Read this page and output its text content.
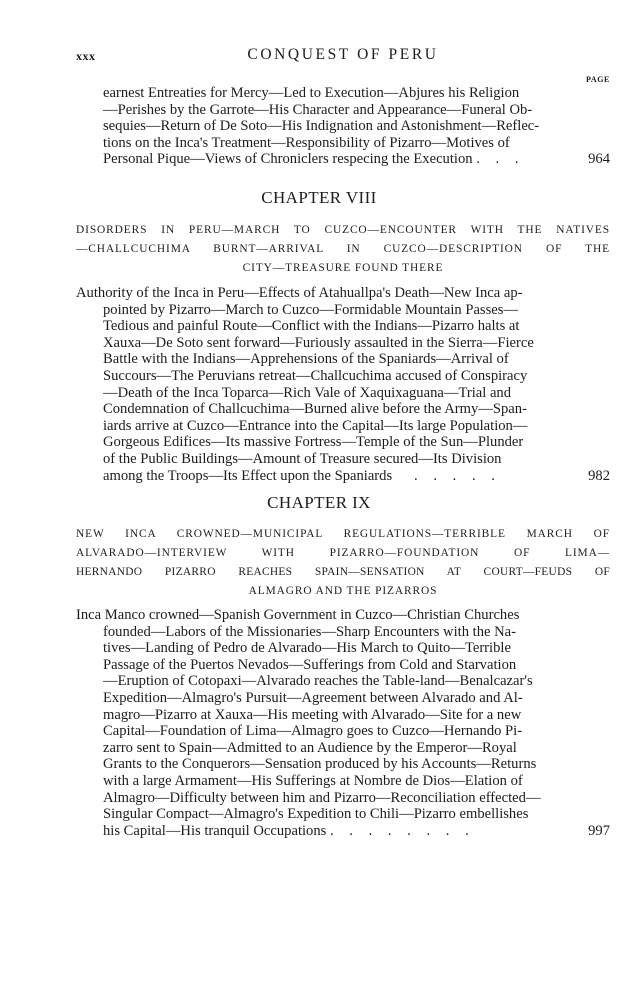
xxx	CONQUEST OF PERU
PAGE
earnest Entreaties for Mercy—Led to Execution—Abjures his Religion
—Perishes by the Garrote—His Character and Appearance—Funeral Ob-
sequies—Return of De Soto—His Indignation and Astonishment—Reflec-
tions on the Inca's Treatment—Responsibility of Pizarro—Motives of
Personal Pique—Views of Chroniclers respecing the Execution . . .	964
CHAPTER VIII
DISORDERS IN PERU—MARCH TO CUZCO—ENCOUNTER WITH THE NATIVES
—CHALLCUCHIMA BURNT—ARRIVAL IN CUZCO—DESCRIPTION OF THE
CITY—TREASURE FOUND THERE
Authority of the Inca in Peru—Effects of Atahuallpa's Death—New Inca ap-
pointed by Pizarro—March to Cuzco—Formidable Mountain Passes—
Tedious and painful Route—Conflict with the Indians—Pizarro halts at
Xauxa—De Soto sent forward—Furiously assaulted in the Sierra—Fierce
Battle with the Indians—Apprehensions of the Spaniards—Arrival of
Succours—The Peruvians retreat—Challcuchima accused of Conspiracy
—Death of the Inca Toparca—Rich Vale of Xaquixaguana—Trial and
Condemnation of Challcuchima—Burned alive before the Army—Span-
iards arrive at Cuzco—Entrance into the Capital—Its large Population—
Gorgeous Edifices—Its massive Fortress—Temple of the Sun—Plunder
of the Public Buildings—Amount of Treasure secured—Its Division
among the Troops—Its Effect upon the Spaniards . . . . .	982
CHAPTER IX
NEW INCA CROWNED—MUNICIPAL REGULATIONS—TERRIBLE MARCH OF
ALVARADO—INTERVIEW WITH PIZARRO—FOUNDATION OF LIMA—
HERNANDO PIZARRO REACHES SPAIN—SENSATION AT COURT—FEUDS OF
ALMAGRO AND THE PIZARROS
Inca Manco crowned—Spanish Government in Cuzco—Christian Churches
founded—Labors of the Missionaries—Sharp Encounters with the Na-
tives—Landing of Pedro de Alvarado—His March to Quito—Terrible
Passage of the Puertos Nevados—Sufferings from Cold and Starvation
—Eruption of Cotopaxi—Alvarado reaches the Table-land—Benalcazar's
Expedition—Almagro's Pursuit—Agreement between Alvarado and Al-
magro—Pizarro at Xauxa—His meeting with Alvarado—Site for a new
Capital—Foundation of Lima—Almagro goes to Cuzco—Hernando Pi-
zarro sent to Spain—Admitted to an Audience by the Emperor—Royal
Grants to the Conquerors—Sensation produced by his Accounts—Returns
with a large Armament—His Sufferings at Nombre de Dios—Elation of
Almagro—Difficulty between him and Pizarro—Reconciliation effected—
Singular Compact—Almagro's Expedition to Chili—Pizarro embellishes
his Capital—His tranquil Occupations . . . . . . . .	997
